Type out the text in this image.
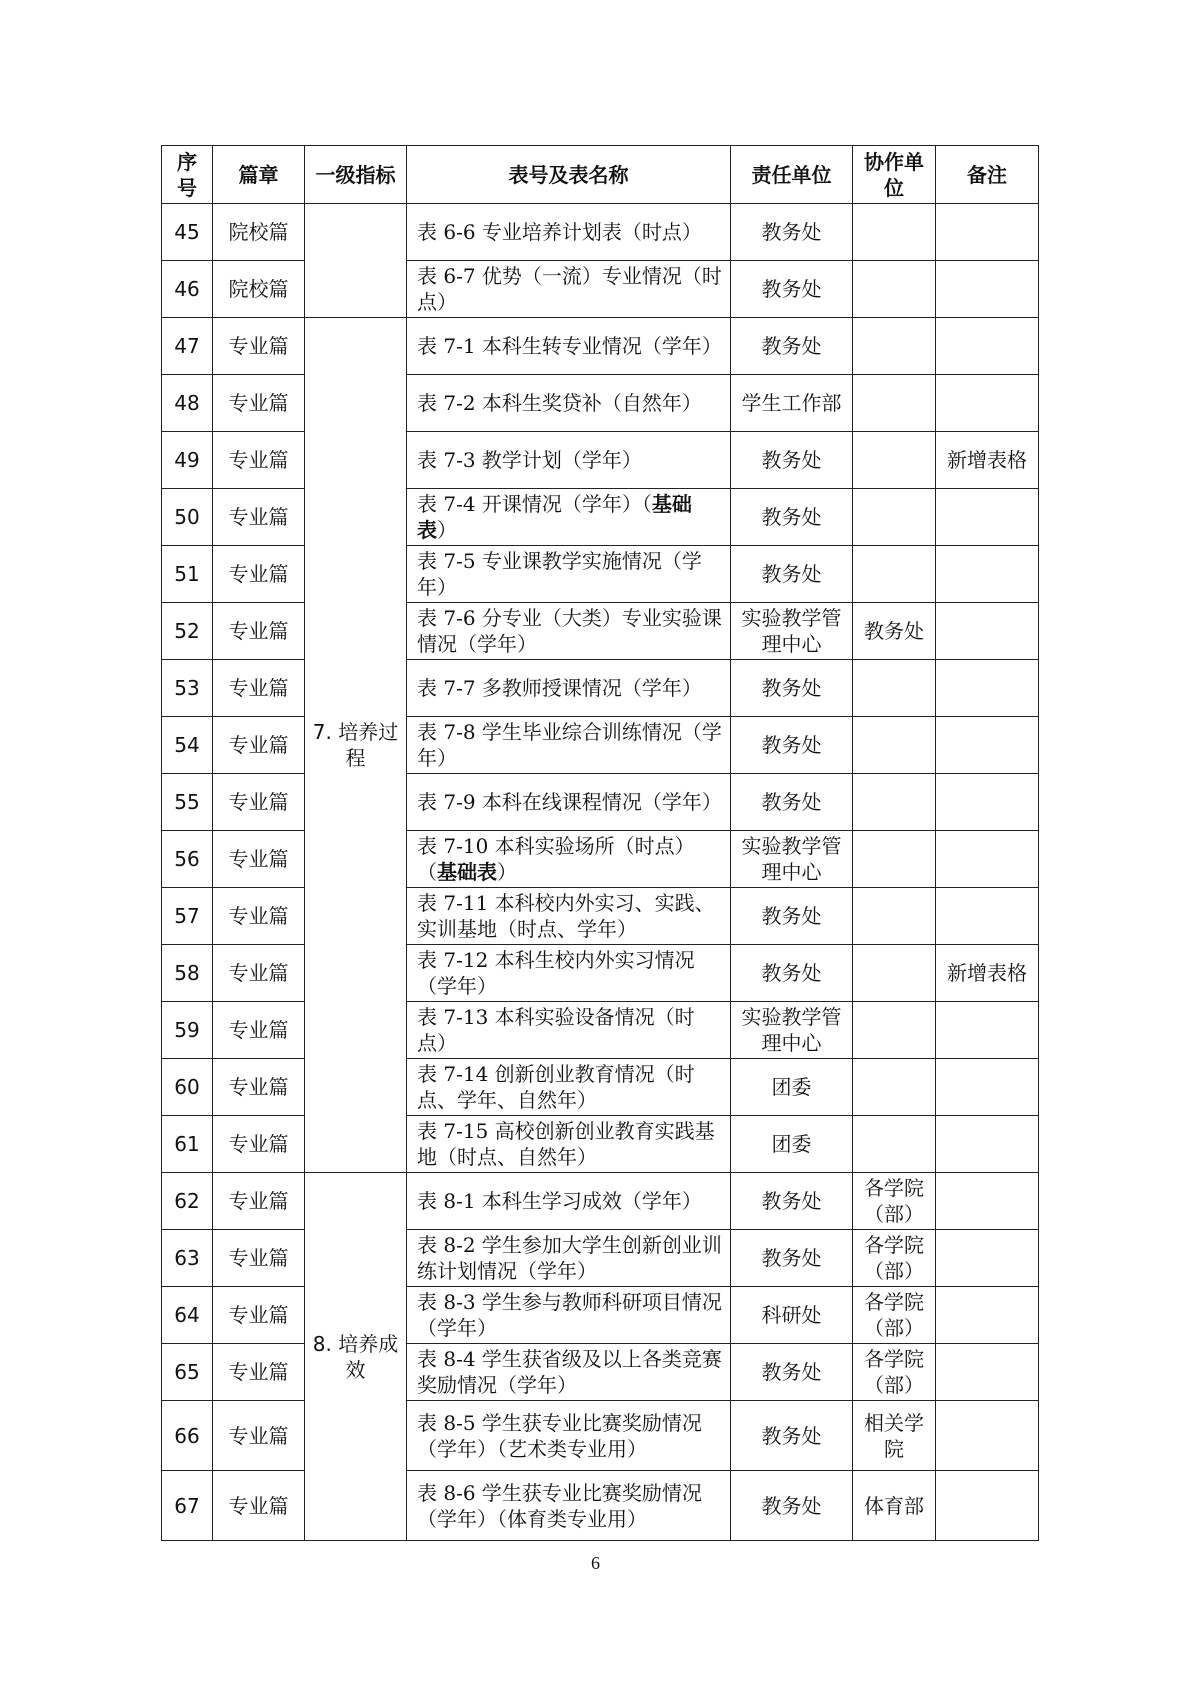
序号	篇章	一级指标	表号及表名称	责任单位	协作单位	备注
45	院校篇		表 6-6 专业培养计划表（时点）	教务处		
46	院校篇		表 6-7 优势（一流）专业情况（时点）	教务处		
47	专业篇	7. 培养过程	表 7-1 本科生转专业情况（学年）	教务处		
48	专业篇		表 7-2 本科生奖贷补（自然年）	学生工作部		
49	专业篇		表 7-3 教学计划（学年）	教务处		新增表格
50	专业篇		表 7-4 开课情况（学年）（基础表）	教务处		
51	专业篇		表 7-5 专业课教学实施情况（学年）	教务处		
52	专业篇		表 7-6 分专业（大类）专业实验课情况（学年）	实验教学管理中心	教务处	
53	专业篇		表 7-7 多教师授课情况（学年）	教务处		
54	专业篇		表 7-8 学生毕业综合训练情况（学年）	教务处		
55	专业篇		表 7-9 本科在线课程情况（学年）	教务处		
56	专业篇		表 7-10 本科实验场所（时点）（基础表）	实验教学管理中心		
57	专业篇		表 7-11 本科校内外实习、实践、实训基地（时点、学年）	教务处		
58	专业篇		表 7-12 本科生校内外实习情况（学年）	教务处		新增表格
59	专业篇		表 7-13 本科实验设备情况（时点）	实验教学管理中心		
60	专业篇		表 7-14 创新创业教育情况（时点、学年、自然年）	团委		
61	专业篇		表 7-15 高校创新创业教育实践基地（时点、自然年）	团委		
62	专业篇	8. 培养成效	表 8-1 本科生学习成效（学年）	教务处	各学院（部）	
63	专业篇		表 8-2 学生参加大学生创新创业训练计划情况（学年）	教务处	各学院（部）	
64	专业篇		表 8-3 学生参与教师科研项目情况（学年）	科研处	各学院（部）	
65	专业篇		表 8-4 学生获省级及以上各类竞赛奖励情况（学年）	教务处	各学院（部）	
66	专业篇		表 8-5 学生获专业比赛奖励情况（学年）（艺术类专业用）	教务处	相关学院	
67	专业篇		表 8-6 学生获专业比赛奖励情况（学年）（体育类专业用）	教务处	体育部	
6
